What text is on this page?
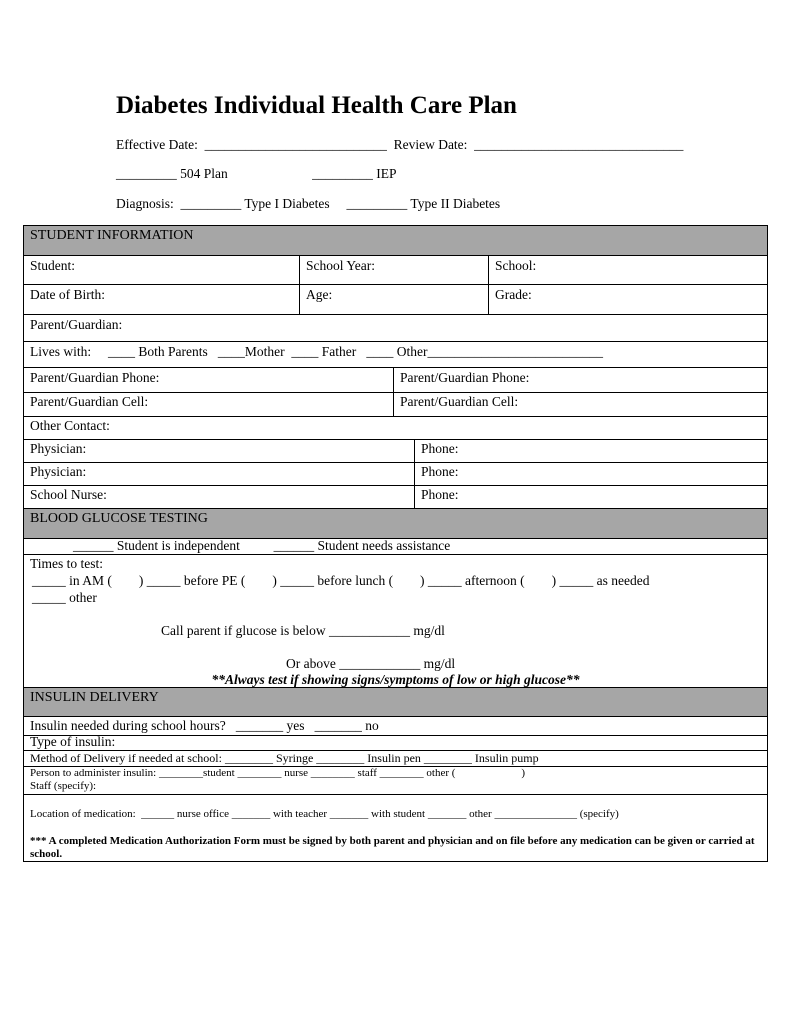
Diabetes Individual Health Care Plan
Effective Date:  ___________________________  Review Date:  _______________________________
_________ 504 Plan                         _________ IEP
Diagnosis:  _________ Type I Diabetes     _________ Type II Diabetes
STUDENT INFORMATION
Student:	School Year:	School:
Date of Birth:	Age:	Grade:
Parent/Guardian:
Lives with:     ____ Both Parents   ____Mother  ____ Father   ____ Other__________________________
Parent/Guardian Phone:	Parent/Guardian Phone:
Parent/Guardian Cell:	Parent/Guardian Cell:
Other Contact:
Physician:	Phone:
Physician:	Phone:
School Nurse:	Phone:
BLOOD GLUCOSE TESTING
______ Student is independent          ______ Student needs assistance
Times to test:
_____ in AM (        ) _____ before PE (        ) _____ before lunch (        ) _____ afternoon (        ) _____ as needed
_____ other
Call parent if glucose is below ____________ mg/dl
Or above ____________ mg/dl
**Always test if showing signs/symptoms of low or high glucose**
INSULIN DELIVERY
Insulin needed during school hours?   _______ yes   _______ no
Type of insulin:
Method of Delivery if needed at school: ________ Syringe ________ Insulin pen ________ Insulin pump
Person to administer insulin: ________student ________ nurse ________ staff ________ other (                        )
Staff (specify):
Location of medication:  ______ nurse office _______ with teacher _______ with student _______ other _______________ (specify)
*** A completed Medication Authorization Form must be signed by both parent and physician and on file before any medication can be given or carried at school.
